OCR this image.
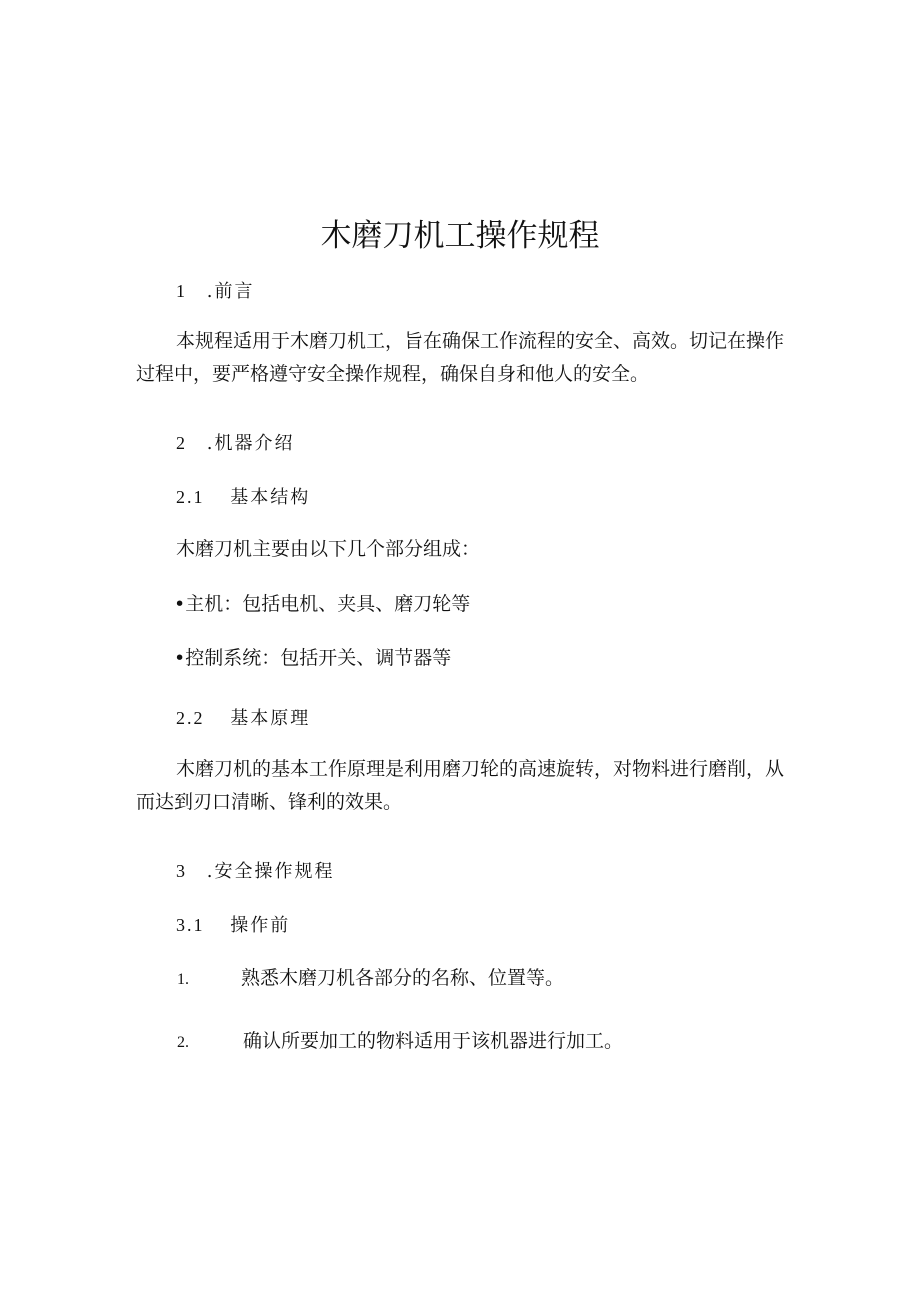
木磨刀机工操作规程
1 .前言
本规程适用于木磨刀机工，旨在确保工作流程的安全、高效。切记在操作过程中，要严格遵守安全操作规程，确保自身和他人的安全。
2 .机器介绍
2.1 基本结构
木磨刀机主要由以下几个部分组成：
•主机：包括电机、夹具、磨刀轮等
•控制系统：包括开关、调节器等
2.2 基本原理
木磨刀机的基本工作原理是利用磨刀轮的高速旋转，对物料进行磨削，从而达到刃口清晰、锋利的效果。
3 .安全操作规程
3.1 操作前
1.	熟悉木磨刀机各部分的名称、位置等。
2.	确认所要加工的物料适用于该机器进行加工。
